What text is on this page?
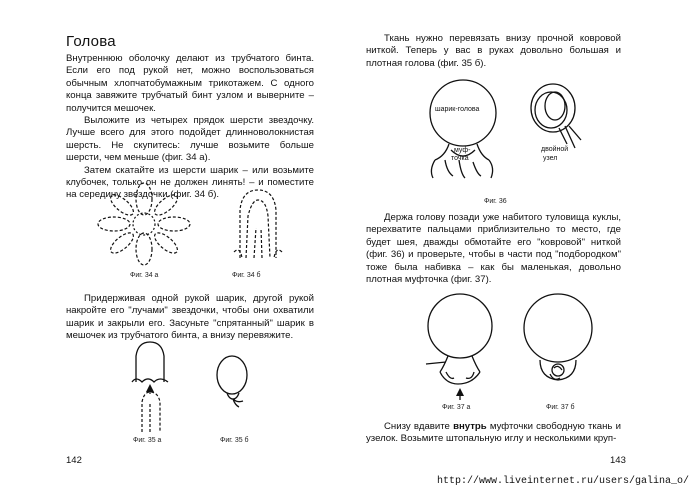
Голова

Внутреннюю оболочку делают из трубчатого бинта. Если его под рукой нет, можно воспользоваться обычным хлопчатобумажным трикотажем. С одного конца завяжите трубчатый бинт узлом и выверните – получится мешочек.

Выложите из четырех прядок шерсти звездочку. Лучше всего для этого подойдет длинноволокнистая шерсть. Не скупитесь: лучше возьмите больше шерсти, чем меньше (фиг. 34 а).

Затем скатайте из шерсти шарик – или возьмите клубочек, только он не должен линять! – и поместите на середину звездочки (фиг. 34 б).

Фиг. 34 а	Фиг. 34 б

Придерживая одной рукой шарик, другой рукой накройте его "лучами" звездочки, чтобы они охватили шарик и закрыли его. Засуньте "спрятанный" шарик в мешочек из трубчатого бинта, а внизу перевяжите.

Фиг. 35 а	Фиг. 35 б
142

Ткань нужно перевязать внизу прочной ковровой ниткой. Теперь у вас в руках довольно большая и плотная голова (фиг. 35 б).

шарик-голова
муф-
точка
двойной
узел
Фиг. 36

Держа голову позади уже набитого туловища куклы, перехватите пальцами приблизительно то место, где будет шея, дважды обмотайте его "ковровой" ниткой (фиг. 36) и проверьте, чтобы в части под "подбородком" тоже была набивка – как бы маленькая, довольно плотная муфточка (фиг. 37).

Фиг. 37 а	Фиг. 37 б

Снизу вдавите внутрь муфточки свободную ткань и узелок. Возьмите штопальную иглу и несколькими круп-

143
http://www.liveinternet.ru/users/galina_o/
